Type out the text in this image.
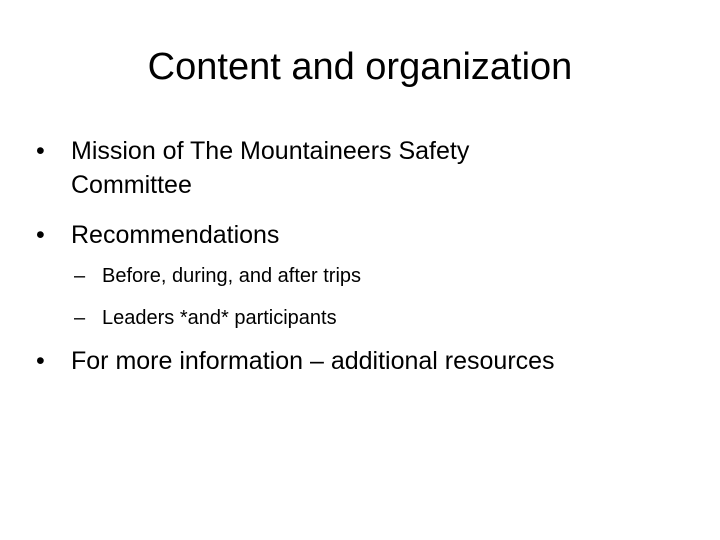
Content and organization
•	Mission of The Mountaineers Safety Committee
•	Recommendations
– Before, during, and after trips
– Leaders *and* participants
•	For more information – additional resources
